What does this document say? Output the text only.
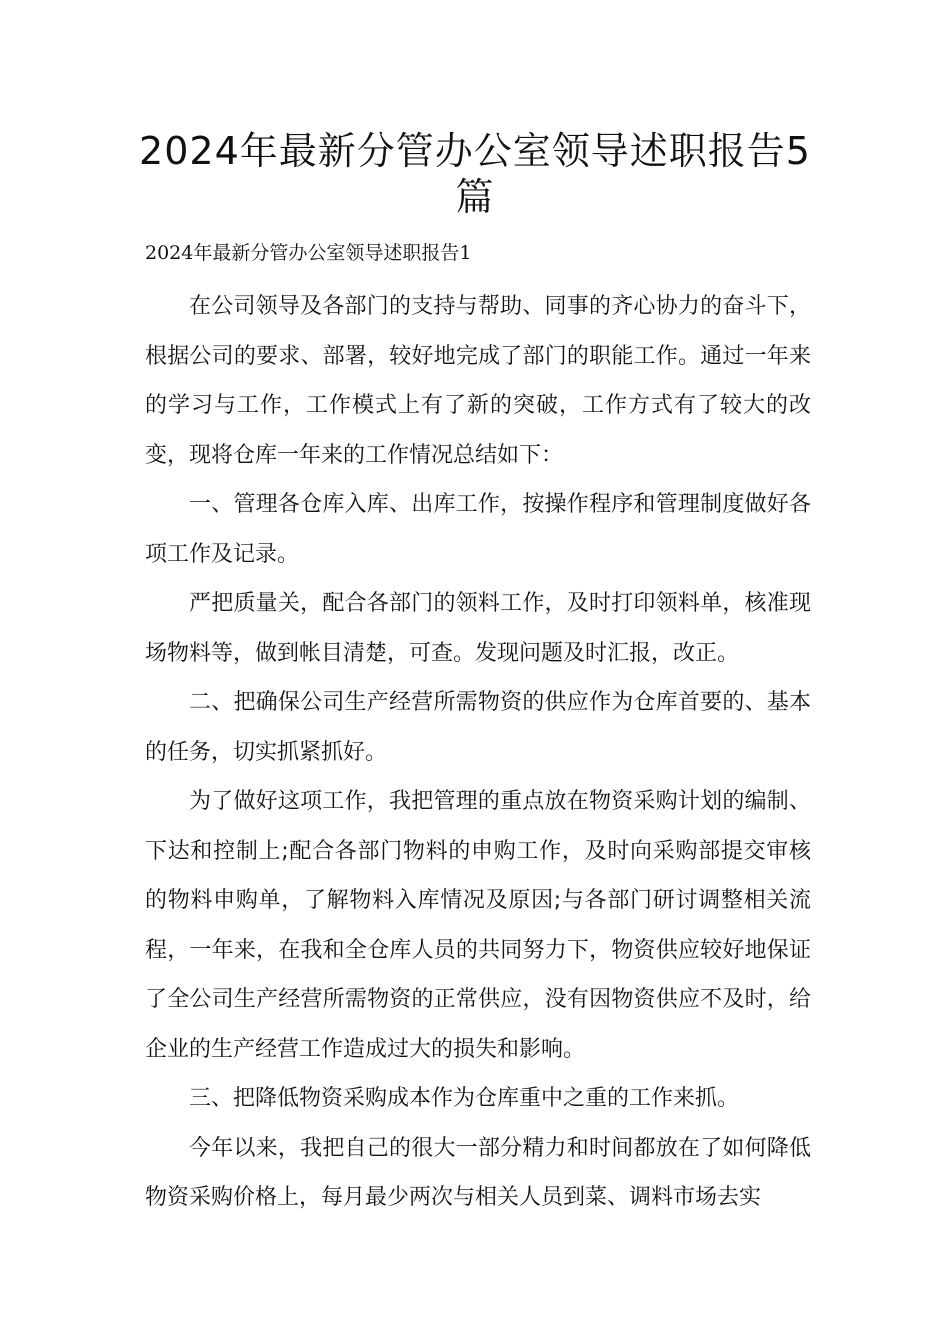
2024年最新分管办公室领导述职报告5篇

2024年最新分管办公室领导述职报告1

在公司领导及各部门的支持与帮助、同事的齐心协力的奋斗下，根据公司的要求、部署，较好地完成了部门的职能工作。通过一年来的学习与工作，工作模式上有了新的突破，工作方式有了较大的改变，现将仓库一年来的工作情况总结如下：

一、管理各仓库入库、出库工作，按操作程序和管理制度做好各项工作及记录。

严把质量关，配合各部门的领料工作，及时打印领料单，核准现场物料等，做到帐目清楚，可查。发现问题及时汇报，改正。

二、把确保公司生产经营所需物资的供应作为仓库首要的、基本的任务，切实抓紧抓好。

为了做好这项工作，我把管理的重点放在物资采购计划的编制、下达和控制上;配合各部门物料的申购工作，及时向采购部提交审核的物料申购单，了解物料入库情况及原因;与各部门研讨调整相关流程，一年来，在我和全仓库人员的共同努力下，物资供应较好地保证了全公司生产经营所需物资的正常供应，没有因物资供应不及时，给企业的生产经营工作造成过大的损失和影响。

三、把降低物资采购成本作为仓库重中之重的工作来抓。

今年以来，我把自己的很大一部分精力和时间都放在了如何降低物资采购价格上，每月最少两次与相关人员到菜、调料市场去实
